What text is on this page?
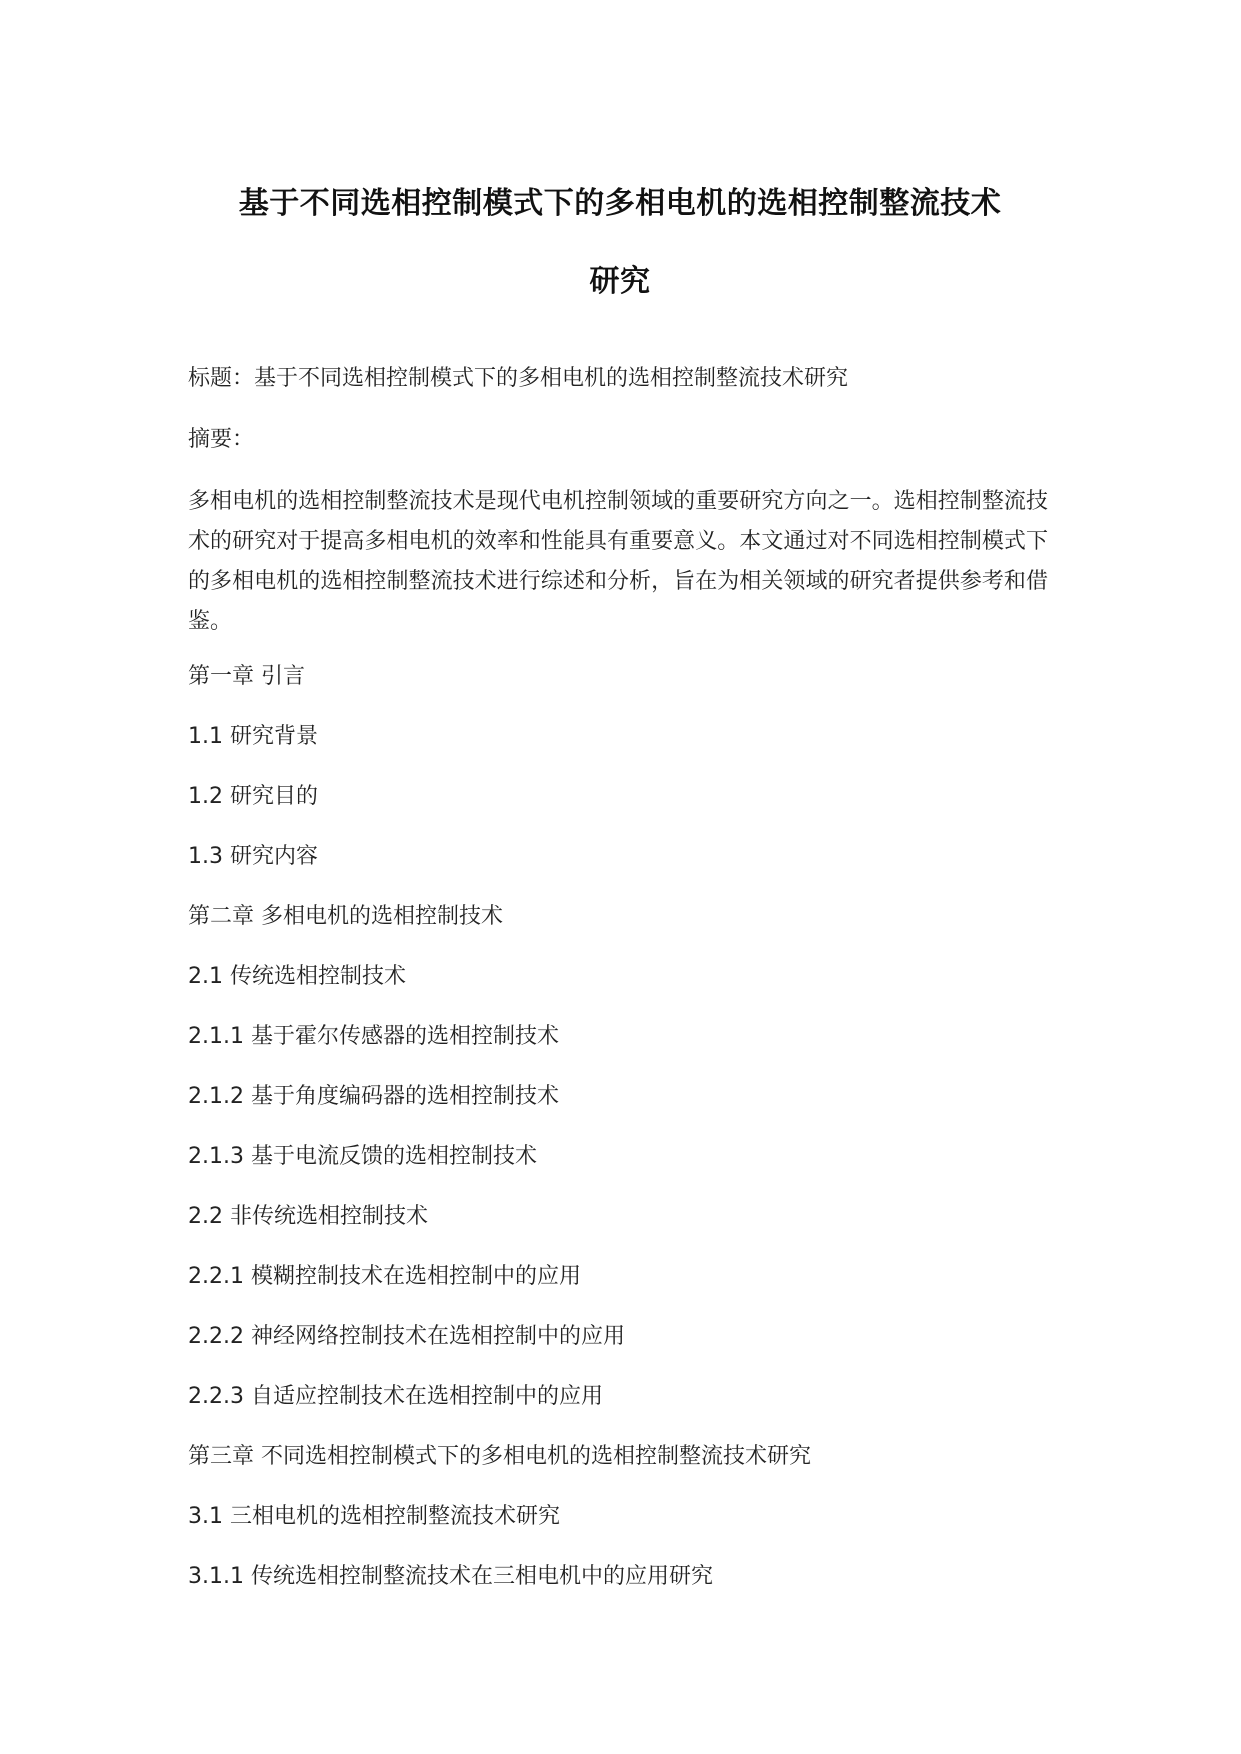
基于不同选相控制模式下的多相电机的选相控制整流技术
研究

标题：基于不同选相控制模式下的多相电机的选相控制整流技术研究

摘要：

多相电机的选相控制整流技术是现代电机控制领域的重要研究方向之一。选相控制整流技术的研究对于提高多相电机的效率和性能具有重要意义。本文通过对不同选相控制模式下的多相电机的选相控制整流技术进行综述和分析，旨在为相关领域的研究者提供参考和借鉴。

第一章 引言
1.1 研究背景
1.2 研究目的
1.3 研究内容
第二章 多相电机的选相控制技术
2.1 传统选相控制技术
2.1.1 基于霍尔传感器的选相控制技术
2.1.2 基于角度编码器的选相控制技术
2.1.3 基于电流反馈的选相控制技术
2.2 非传统选相控制技术
2.2.1 模糊控制技术在选相控制中的应用
2.2.2 神经网络控制技术在选相控制中的应用
2.2.3 自适应控制技术在选相控制中的应用
第三章 不同选相控制模式下的多相电机的选相控制整流技术研究
3.1 三相电机的选相控制整流技术研究
3.1.1 传统选相控制整流技术在三相电机中的应用研究
